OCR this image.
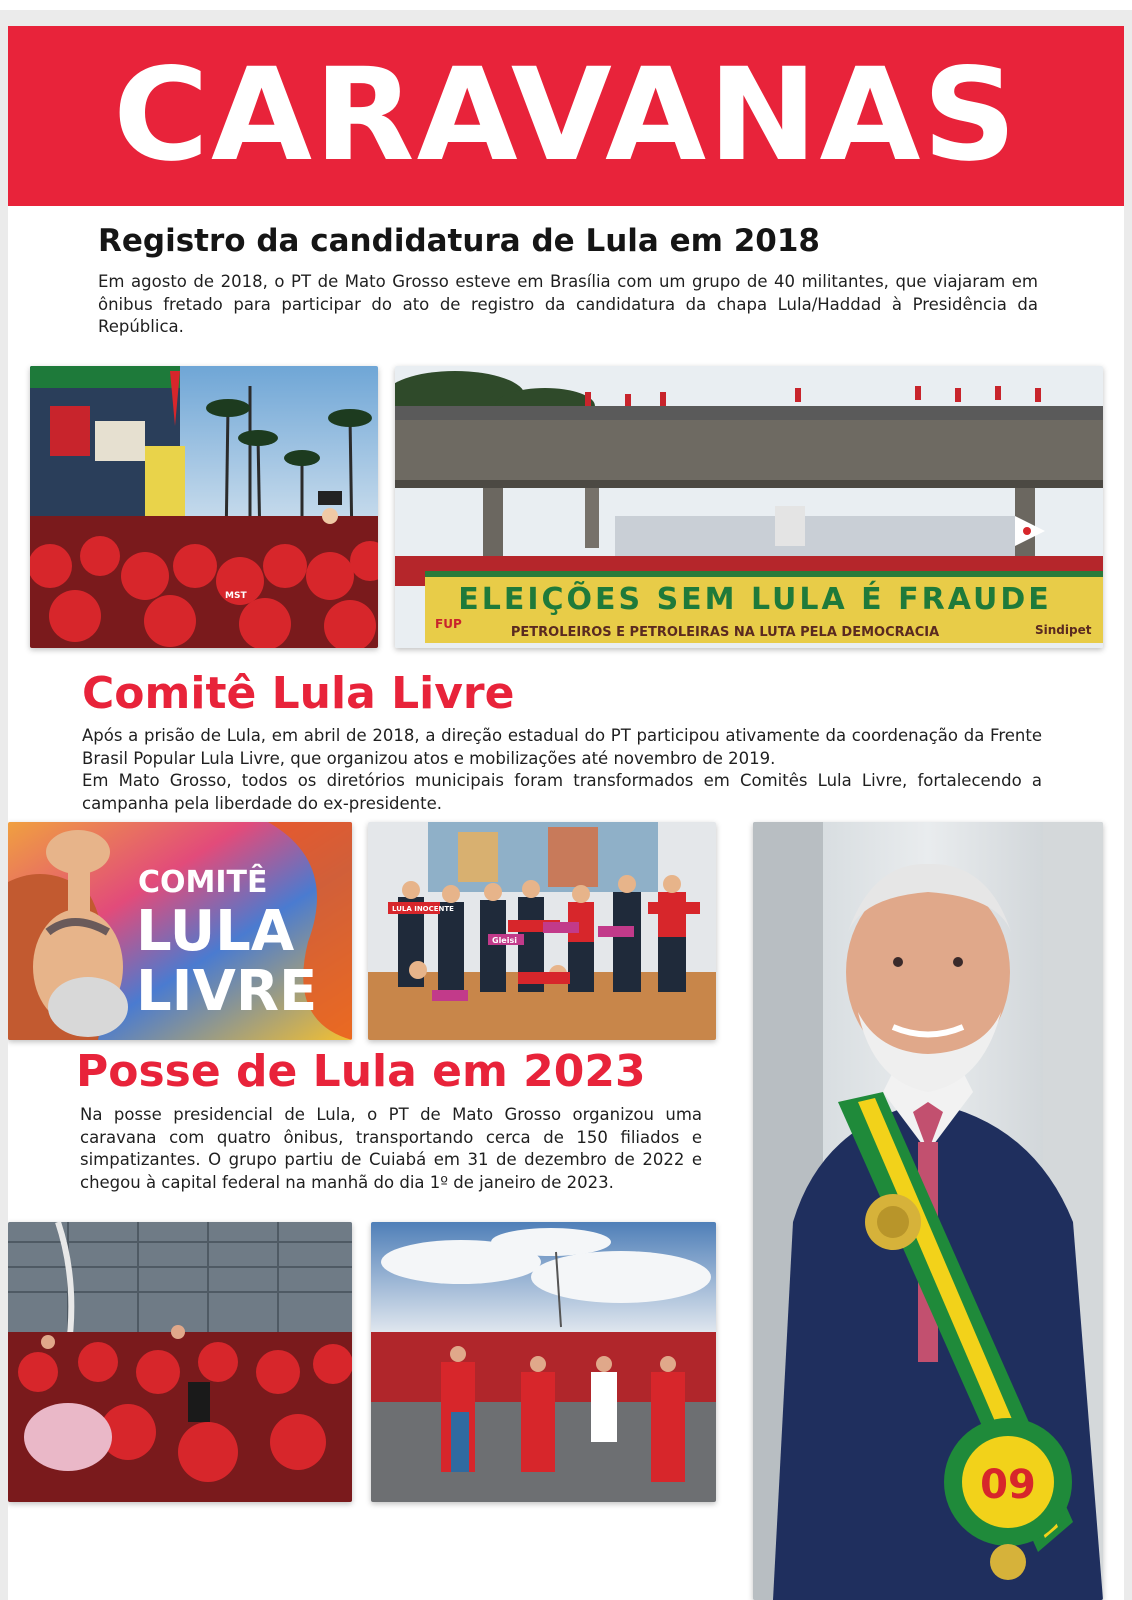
CARAVANAS
Registro da candidatura de Lula em 2018
Em agosto de 2018, o PT de Mato Grosso esteve em Brasília com um grupo de 40 militantes, que viajaram em ônibus fretado para participar do ato de registro da candidatura da chapa Lula/Haddad à Presidência da República.
MST	ELEIÇÕES SEM LULA É FRAUDE
PETROLEIROS E PETROLEIRAS NA LUTA PELA DEMOCRACIA
FUP	Sindipet
Comitê Lula Livre
Após a prisão de Lula, em abril de 2018, a direção estadual do PT participou ativamente da coordenação da Frente Brasil Popular Lula Livre, que organizou atos e mobilizações até novembro de 2019.
Em Mato Grosso, todos os diretórios municipais foram transformados em Comitês Lula Livre, fortalecendo a campanha pela liberdade do ex-presidente.
COMITÊ
LULA
LIVRE
LULA INOCENTE
Gleisi
09
Posse de Lula em 2023
Na posse presidencial de Lula, o PT de Mato Grosso organizou uma caravana com quatro ônibus, transportando cerca de 150 filiados e simpatizantes. O grupo partiu de Cuiabá em 31 de dezembro de 2022 e chegou à capital federal na manhã do dia 1º de janeiro de 2023.
